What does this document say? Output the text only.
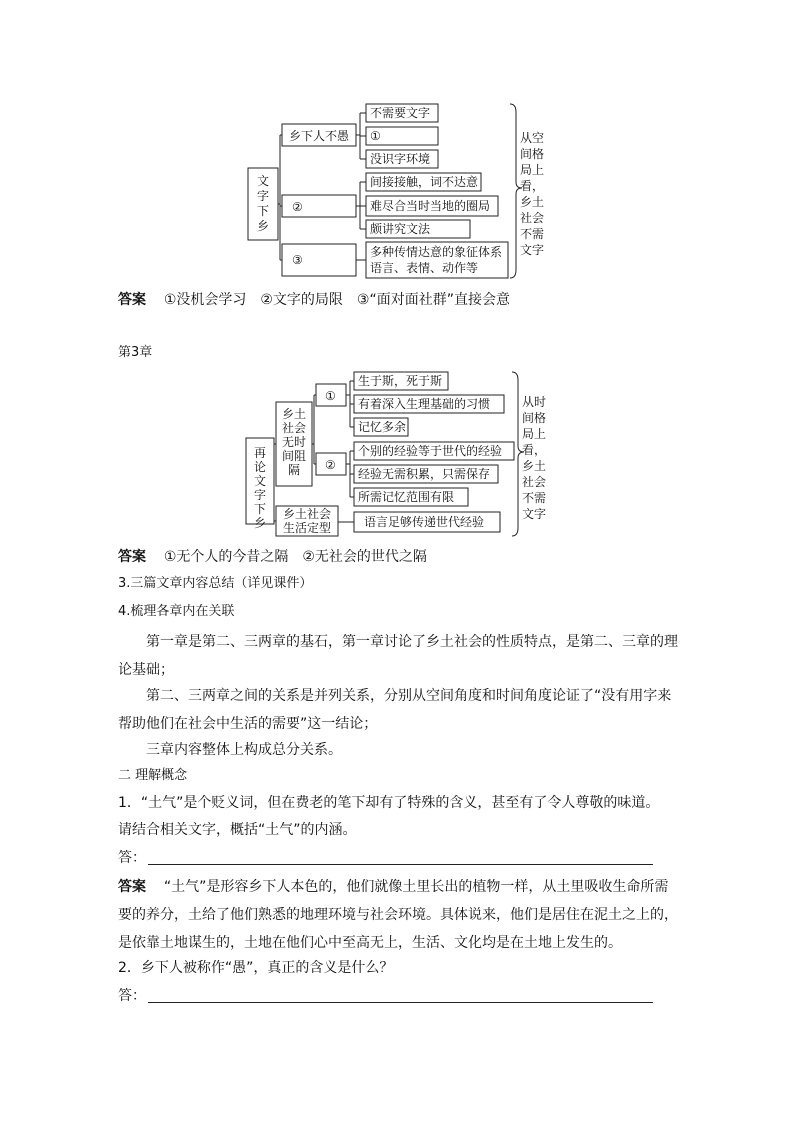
文
字
下
乡
乡下人不愚
②
③
不需要文字
①
没识字环境
间接接触，词不达意
难尽合当时当地的圈局
颇讲究文法
多种传情达意的象征体系
语言、表情、动作等
从空
间格
局上
看，
乡土
社会
不需
文字
答案 ①没机会学习　②文字的局限　③“面对面社群”直接会意
第3章
再
论
文
字
下
乡
乡土
社会
无时
间阻
隔
乡土社会
生活定型
①
②
生于斯，死于斯
有着深入生理基础的习惯
记忆多余
个别的经验等于世代的经验
经验无需积累，只需保存
所需记忆范围有限
语言足够传递世代经验
从时
间格
局上
看，
乡土
社会
不需
文字
答案 ①无个人的今昔之隔　②无社会的世代之隔
3.三篇文章内容总结（详见课件）
4.梳理各章内在关联
第一章是第二、三两章的基石，第一章讨论了乡土社会的性质特点，是第二、三章的理论基础；
第二、三两章之间的关系是并列关系，分别从空间角度和时间角度论证了“没有用字来帮助他们在社会中生活的需要”这一结论；
三章内容整体上构成总分关系。
二 理解概念
1．“土气”是个贬义词，但在费老的笔下却有了特殊的含义，甚至有了令人尊敬的味道。
请结合相关文字，概括“土气”的内涵。
答：
答案 “土气”是形容乡下人本色的，他们就像土里长出的植物一样，从土里吸收生命所需要的养分，土给了他们熟悉的地理环境与社会环境。具体说来，他们是居住在泥土之上的，是依靠土地谋生的，土地在他们心中至高无上，生活、文化均是在土地上发生的。
2．乡下人被称作“愚”，真正的含义是什么？
答：
